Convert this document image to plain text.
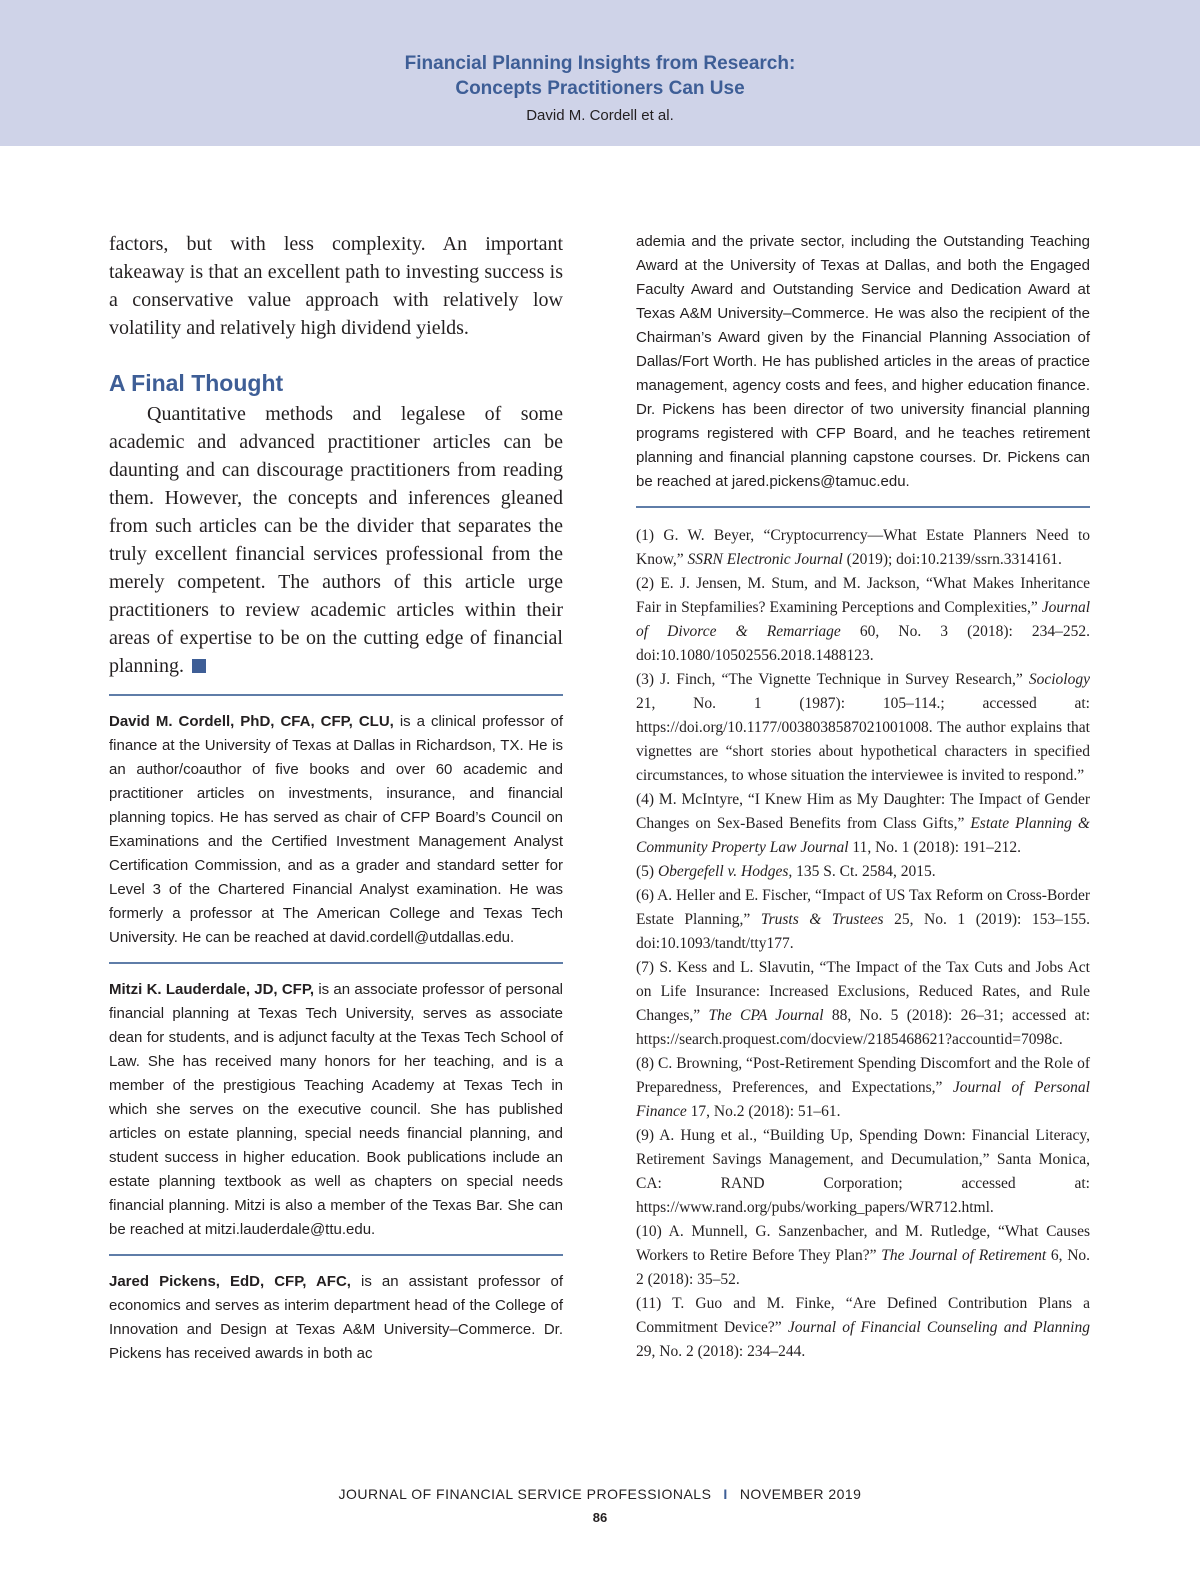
Financial Planning Insights from Research:
Concepts Practitioners Can Use
David M. Cordell et al.

factors, but with less complexity. An important takeaway is that an excellent path to investing success is a conservative value approach with relatively low volatility and relatively high dividend yields.

A Final Thought

Quantitative methods and legalese of some academic and advanced practitioner articles can be daunting and can discourage practitioners from reading them. However, the concepts and inferences gleaned from such articles can be the divider that separates the truly excellent financial services professional from the merely competent. The authors of this article urge practitioners to review academic articles within their areas of expertise to be on the cutting edge of financial planning.

David M. Cordell, PhD, CFA, CFP, CLU, is a clinical professor of finance at the University of Texas at Dallas in Richardson, TX. He is an author/coauthor of five books and over 60 academic and practitioner articles on investments, insurance, and financial planning topics. He has served as chair of CFP Board’s Council on Examinations and the Certified Investment Management Analyst Certification Commission, and as a grader and standard setter for Level 3 of the Chartered Financial Analyst examination. He was formerly a professor at The American College and Texas Tech University. He can be reached at david.cordell@utdallas.edu.

Mitzi K. Lauderdale, JD, CFP, is an associate professor of personal financial planning at Texas Tech University, serves as associate dean for students, and is adjunct faculty at the Texas Tech School of Law. She has received many honors for her teaching, and is a member of the prestigious Teaching Academy at Texas Tech in which she serves on the executive council. She has published articles on estate planning, special needs financial planning, and student success in higher education. Book publications include an estate planning textbook as well as chapters on special needs financial planning. Mitzi is also a member of the Texas Bar. She can be reached at mitzi.lauderdale@ttu.edu.

Jared Pickens, EdD, CFP, AFC, is an assistant professor of economics and serves as interim department head of the College of Innovation and Design at Texas A&M University–Commerce. Dr. Pickens has received awards in both ac

ademia and the private sector, including the Outstanding Teaching Award at the University of Texas at Dallas, and both the Engaged Faculty Award and Outstanding Service and Dedication Award at Texas A&M University–Commerce. He was also the recipient of the Chairman’s Award given by the Financial Planning Association of Dallas/Fort Worth. He has published articles in the areas of practice management, agency costs and fees, and higher education finance. Dr. Pickens has been director of two university financial planning programs registered with CFP Board, and he teaches retirement planning and financial planning capstone courses. Dr. Pickens can be reached at jared.pickens@tamuc.edu.

(1) G. W. Beyer, “Cryptocurrency—What Estate Planners Need to Know,” SSRN Electronic Journal (2019); doi:10.2139/ssrn.3314161.

(2) E. J. Jensen, M. Stum, and M. Jackson, “What Makes Inheritance Fair in Stepfamilies? Examining Perceptions and Complexities,” Journal of Divorce & Remarriage 60, No. 3 (2018): 234–252. doi:10.1080/10502556.2018.1488123.

(3) J. Finch, “The Vignette Technique in Survey Research,” Sociology 21, No. 1 (1987): 105–114.; accessed at: https://doi.org/10.1177/0038038587021001008. The author explains that vignettes are “short stories about hypothetical characters in specified circumstances, to whose situation the interviewee is invited to respond.”

(4) M. McIntyre, “I Knew Him as My Daughter: The Impact of Gender Changes on Sex-Based Benefits from Class Gifts,” Estate Planning & Community Property Law Journal 11, No. 1 (2018): 191–212.

(5) Obergefell v. Hodges, 135 S. Ct. 2584, 2015.

(6) A. Heller and E. Fischer, “Impact of US Tax Reform on Cross-Border Estate Planning,” Trusts & Trustees 25, No. 1 (2019): 153–155. doi:10.1093/tandt/tty177.

(7) S. Kess and L. Slavutin, “The Impact of the Tax Cuts and Jobs Act on Life Insurance: Increased Exclusions, Reduced Rates, and Rule Changes,” The CPA Journal 88, No. 5 (2018): 26–31; accessed at: https://search.proquest.com/docview/2185468621?accountid=7098c.

(8) C. Browning, “Post-Retirement Spending Discomfort and the Role of Preparedness, Preferences, and Expectations,” Journal of Personal Finance 17, No.2 (2018): 51–61.

(9) A. Hung et al., “Building Up, Spending Down: Financial Literacy, Retirement Savings Management, and Decumulation,” Santa Monica, CA: RAND Corporation; accessed at: https://www.rand.org/pubs/working_papers/WR712.html.

(10) A. Munnell, G. Sanzenbacher, and M. Rutledge, “What Causes Workers to Retire Before They Plan?” The Journal of Retirement 6, No. 2 (2018): 35–52.

(11) T. Guo and M. Finke, “Are Defined Contribution Plans a Commitment Device?” Journal of Financial Counseling and Planning 29, No. 2 (2018): 234–244.

JOURNAL OF FINANCIAL SERVICE PROFESSIONALS I NOVEMBER 2019
86
